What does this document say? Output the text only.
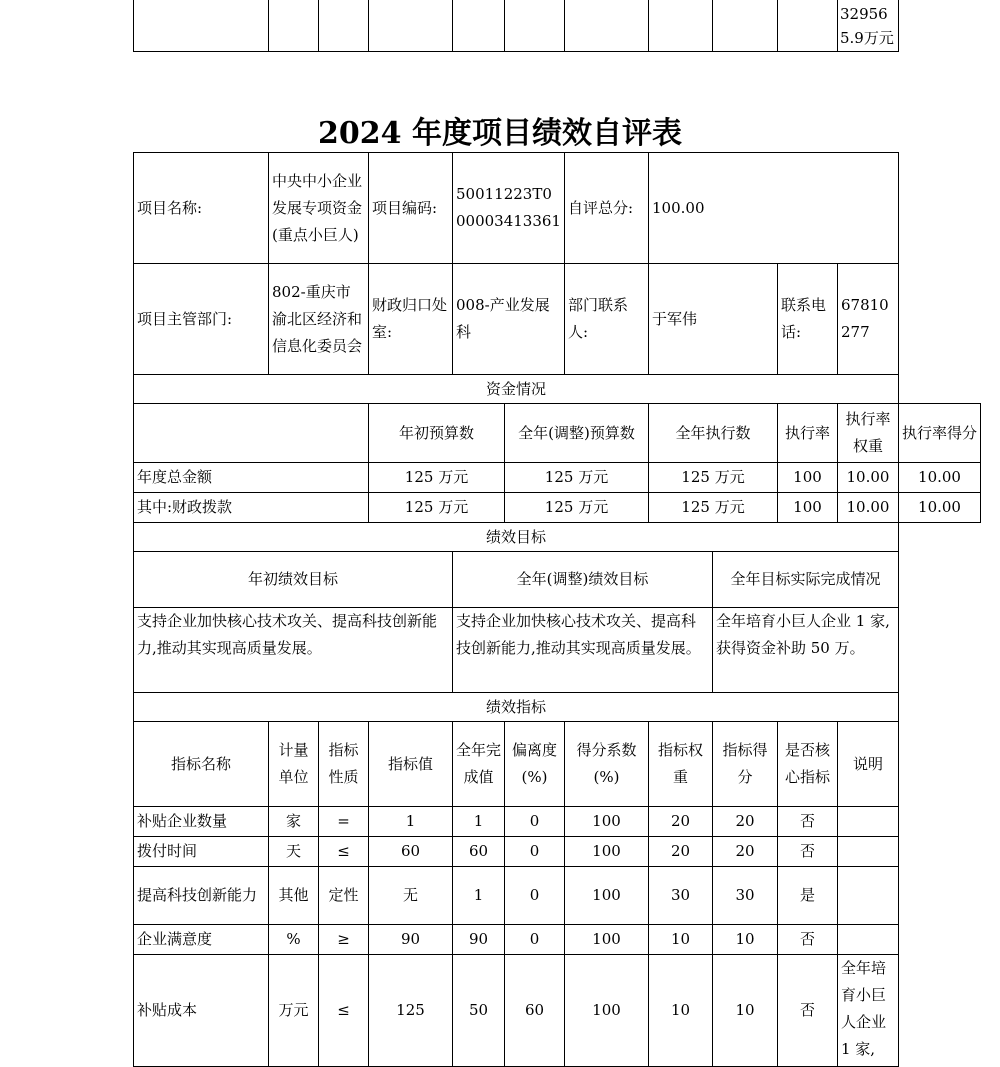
										329565.9万元
2024 年度项目绩效自评表
项目名称:	中央中小企业发展专项资金(重点小巨人)		项目编码:	50011223T000003413361		自评总分:	100.00				
项目主管部门:	802-重庆市渝北区经济和信息化委员会		财政归口处室:	008-产业发展科		部门联系人:	于军伟		联系电话:	67810277	
资金情况											
			年初预算数		全年(调整)预算数		全年执行数		执行率	执行率权重	执行率得分
年度总金额			125 万元		125 万元		125 万元		100	10.00	10.00
其中:财政拨款			125 万元		125 万元		125 万元		100	10.00	10.00
绩效目标											
年初绩效目标				全年(调整)绩效目标				全年目标实际完成情况			
支持企业加快核心技术攻关、提高科技创新能力,推动其实现高质量发展。				支持企业加快核心技术攻关、提高科技创新能力,推动其实现高质量发展。				全年培育小巨人企业 1 家,获得资金补助 50 万。			
绩效指标											
指标名称	计量单位	指标性质	指标值	全年完成值	偏离度(%)	得分系数(%)	指标权重	指标得分	是否核心指标	说明	
补贴企业数量	家	=	1	1	0	100	20	20	否		
拨付时间	天	≤	60	60	0	100	20	20	否		
提高科技创新能力	其他	定性	无	1	0	100	30	30	是		
企业满意度	%	≥	90	90	0	100	10	10	否		
补贴成本	万元	≤	125	50	60	100	10	10	否	全年培育小巨人企业 1 家,	
